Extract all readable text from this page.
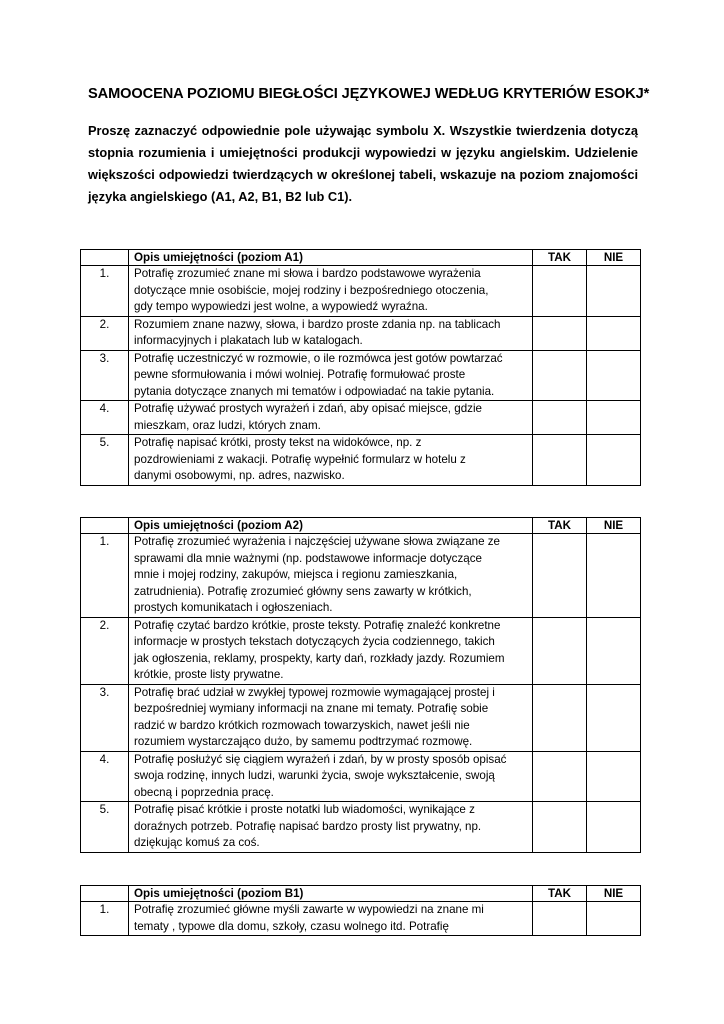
SAMOOCENA POZIOMU BIEGŁOŚCI JĘZYKOWEJ WEDŁUG KRYTERIÓW ESOKJ*
Proszę zaznaczyć odpowiednie pole używając symbolu X. Wszystkie twierdzenia dotyczą stopnia rozumienia i umiejętności produkcji wypowiedzi w języku angielskim. Udzielenie większości odpowiedzi twierdzących w określonej tabeli, wskazuje na poziom znajomości języka angielskiego (A1, A2, B1, B2 lub C1).
	Opis umiejętności (poziom A1)	TAK	NIE
1.	Potrafię zrozumieć znane mi słowa i bardzo podstawowe wyrażenia
dotyczące mnie osobiście, mojej rodziny i bezpośredniego otoczenia,
gdy tempo wypowiedzi jest wolne, a wypowiedź wyraźna.		

2.	Rozumiem znane nazwy, słowa, i bardzo proste zdania np. na tablicach
informacyjnych i plakatach lub w katalogach.		

3.	Potrafię uczestniczyć w rozmowie, o ile rozmówca jest gotów powtarzać
pewne sformułowania i mówi wolniej. Potrafię formułować proste
pytania dotyczące znanych mi tematów i odpowiadać na takie pytania.		

4.	Potrafię używać prostych wyrażeń i zdań, aby opisać miejsce, gdzie
mieszkam, oraz ludzi, których znam.		

5.	Potrafię napisać krótki, prosty tekst na widokówce, np. z
pozdrowieniami z wakacji. Potrafię wypełnić formularz w hotelu z
danymi osobowymi, np. adres, nazwisko.		

	Opis umiejętności (poziom A2)	TAK	NIE
1.	Potrafię zrozumieć wyrażenia i najczęściej używane słowa związane ze
sprawami dla mnie ważnymi (np. podstawowe informacje dotyczące
mnie i mojej rodziny, zakupów, miejsca i regionu zamieszkania,
zatrudnienia). Potrafię zrozumieć główny sens zawarty w krótkich,
prostych komunikatach i ogłoszeniach.		

2.	Potrafię czytać bardzo krótkie, proste teksty. Potrafię znaleźć konkretne
informacje w prostych tekstach dotyczących życia codziennego, takich
jak ogłoszenia, reklamy, prospekty, karty dań, rozkłady jazdy. Rozumiem
krótkie, proste listy prywatne.		

3.	Potrafię brać udział w zwykłej typowej rozmowie wymagającej prostej i
bezpośredniej wymiany informacji na znane mi tematy. Potrafię sobie
radzić w bardzo krótkich rozmowach towarzyskich, nawet jeśli nie
rozumiem wystarczająco dużo, by samemu podtrzymać rozmowę.		

4.	Potrafię posłużyć się ciągiem wyrażeń i zdań, by w prosty sposób opisać
swoja rodzinę, innych ludzi, warunki życia, swoje wykształcenie, swoją
obecną i poprzednia pracę.		

5.	Potrafię pisać krótkie i proste notatki lub wiadomości, wynikające z
doraźnych potrzeb. Potrafię napisać bardzo prosty list prywatny, np.
dziękując komuś za coś.		

	Opis umiejętności (poziom B1)	TAK	NIE
1.	Potrafię zrozumieć główne myśli zawarte w wypowiedzi na znane mi
tematy , typowe dla domu, szkoły, czasu wolnego itd. Potrafię		
